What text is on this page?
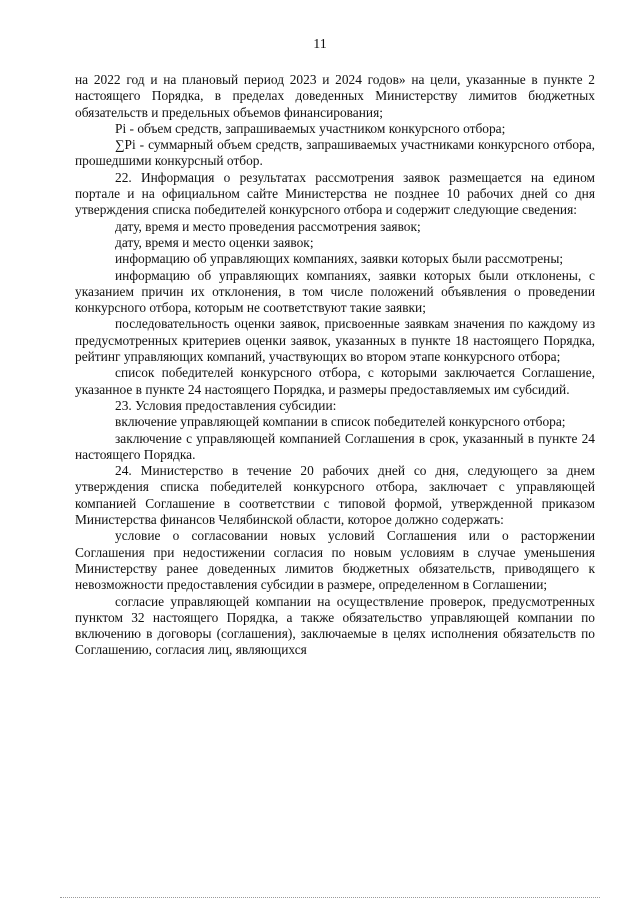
11

на 2022 год и на плановый период 2023 и 2024 годов» на цели, указанные в пункте 2 настоящего Порядка, в пределах доведенных Министерству лимитов бюджетных обязательств и предельных объемов финансирования;

Pi - объем средств, запрашиваемых участником конкурсного отбора;

∑Pi - суммарный объем средств, запрашиваемых участниками конкурсного отбора, прошедшими конкурсный отбор.

22. Информация о результатах рассмотрения заявок размещается на едином портале и на официальном сайте Министерства не позднее 10 рабочих дней со дня утверждения списка победителей конкурсного отбора и содержит следующие сведения:

дату, время и место проведения рассмотрения заявок;

дату, время и место оценки заявок;

информацию об управляющих компаниях, заявки которых были рассмотрены;

информацию об управляющих компаниях, заявки которых были отклонены, с указанием причин их отклонения, в том числе положений объявления о проведении конкурсного отбора, которым не соответствуют такие заявки;

последовательность оценки заявок, присвоенные заявкам значения по каждому из предусмотренных критериев оценки заявок, указанных в пункте 18 настоящего Порядка, рейтинг управляющих компаний, участвующих во втором этапе конкурсного отбора;

список победителей конкурсного отбора, с которыми заключается Соглашение, указанное в пункте 24 настоящего Порядка, и размеры предоставляемых им субсидий.

23. Условия предоставления субсидии:

включение управляющей компании в список победителей конкурсного отбора;

заключение с управляющей компанией Соглашения в срок, указанный в пункте 24 настоящего Порядка.

24. Министерство в течение 20 рабочих дней со дня, следующего за днем утверждения списка победителей конкурсного отбора, заключает с управляющей компанией Соглашение в соответствии с типовой формой, утвержденной приказом Министерства финансов Челябинской области, которое должно содержать:

условие о согласовании новых условий Соглашения или о расторжении Соглашения при недостижении согласия по новым условиям в случае уменьшения Министерству ранее доведенных лимитов бюджетных обязательств, приводящего к невозможности предоставления субсидии в размере, определенном в Соглашении;

согласие управляющей компании на осуществление проверок, предусмотренных пунктом 32 настоящего Порядка, а также обязательство управляющей компании по включению в договоры (соглашения), заключаемые в целях исполнения обязательств по Соглашению, согласия лиц, являющихся
